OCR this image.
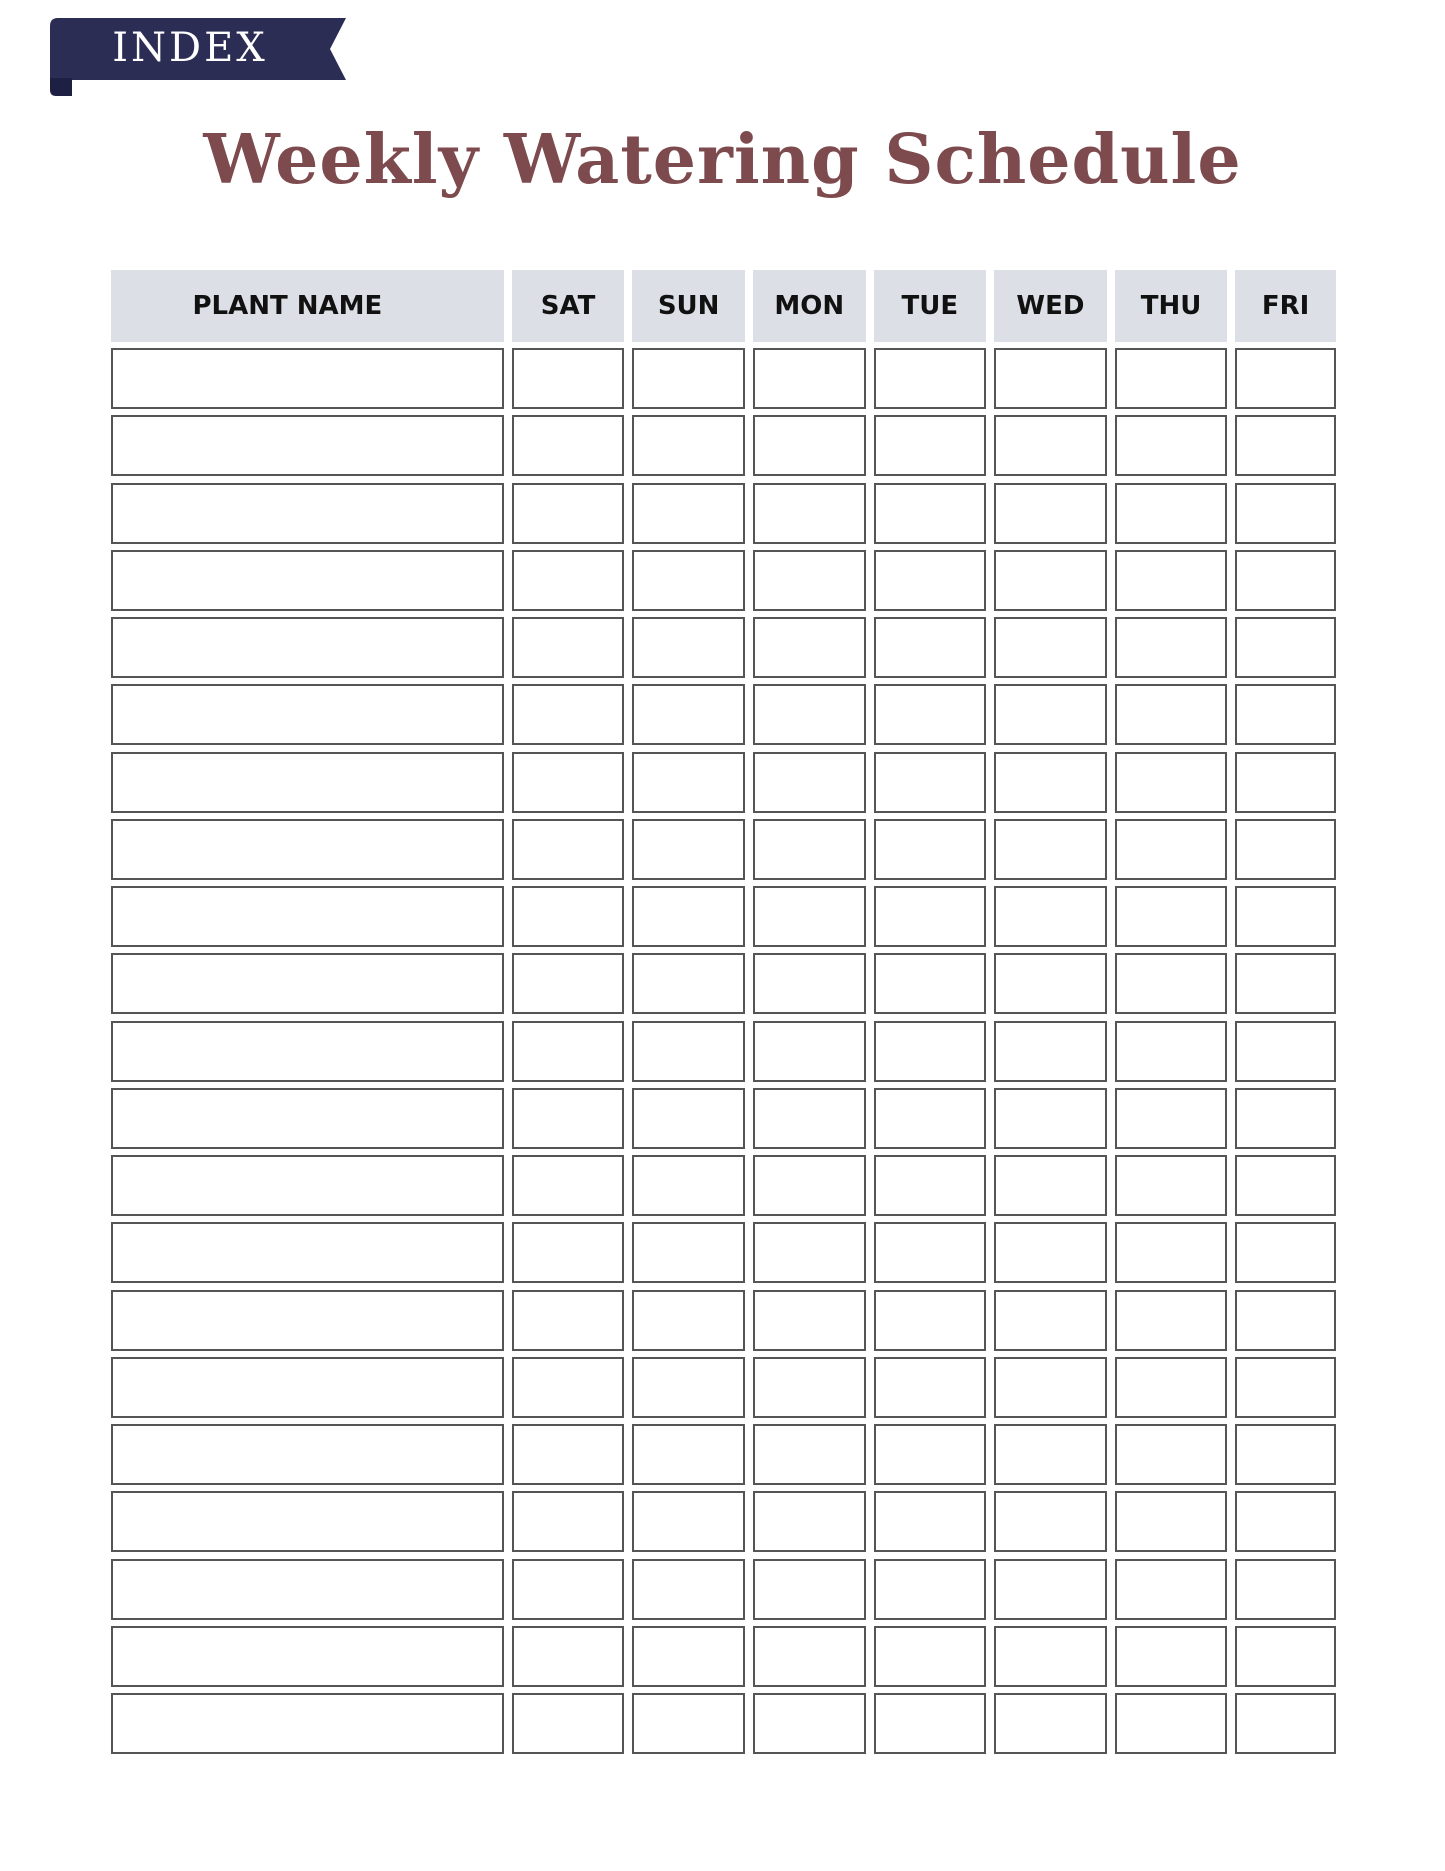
INDEX
Weekly Watering Schedule
PLANT NAME	SAT	SUN	MON	TUE	WED	THU	FRI
